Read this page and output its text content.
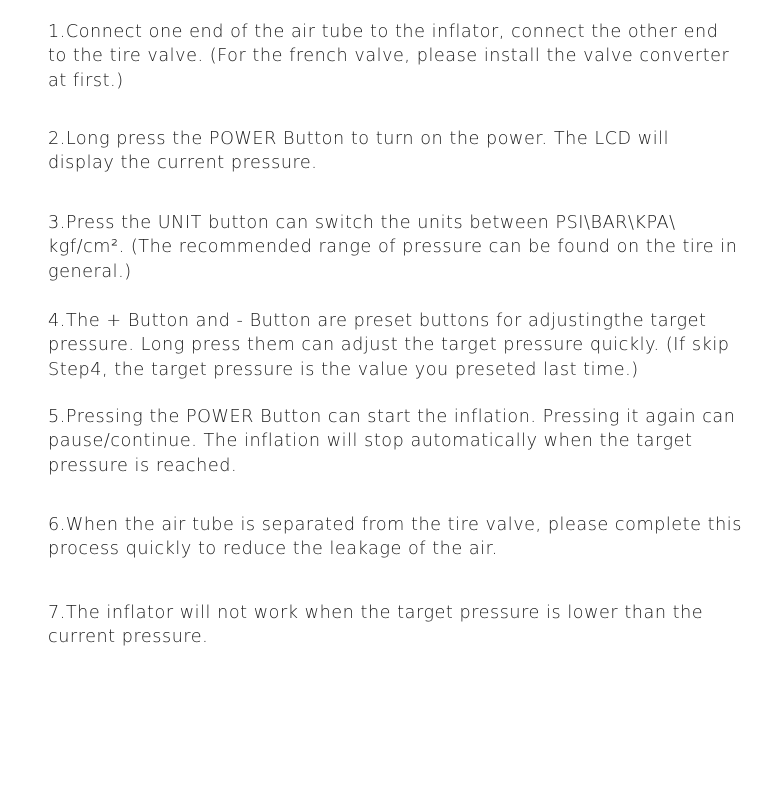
1.Connect one end of the air tube to the inflator, connect the other end
to the tire valve. (For the french valve, please install the valve converter
at first.)
2.Long press the POWER Button to turn on the power. The LCD will
display the current pressure.
3.Press the UNIT button can switch the units between PSI\BAR\KPA\
kgf/cm². (The recommended range of pressure can be found on the tire in
general.)
4.The + Button and - Button are preset buttons for adjustingthe target
pressure. Long press them can adjust the target pressure quickly. (If skip
Step4, the target pressure is the value you preseted last time.)
5.Pressing the POWER Button can start the inflation. Pressing it again can
pause/continue. The inflation will stop automatically when the target
pressure is reached.
6.When the air tube is separated from the tire valve, please complete this
process quickly to reduce the leakage of the air.
7.The inflator will not work when the target pressure is lower than the
current pressure.
